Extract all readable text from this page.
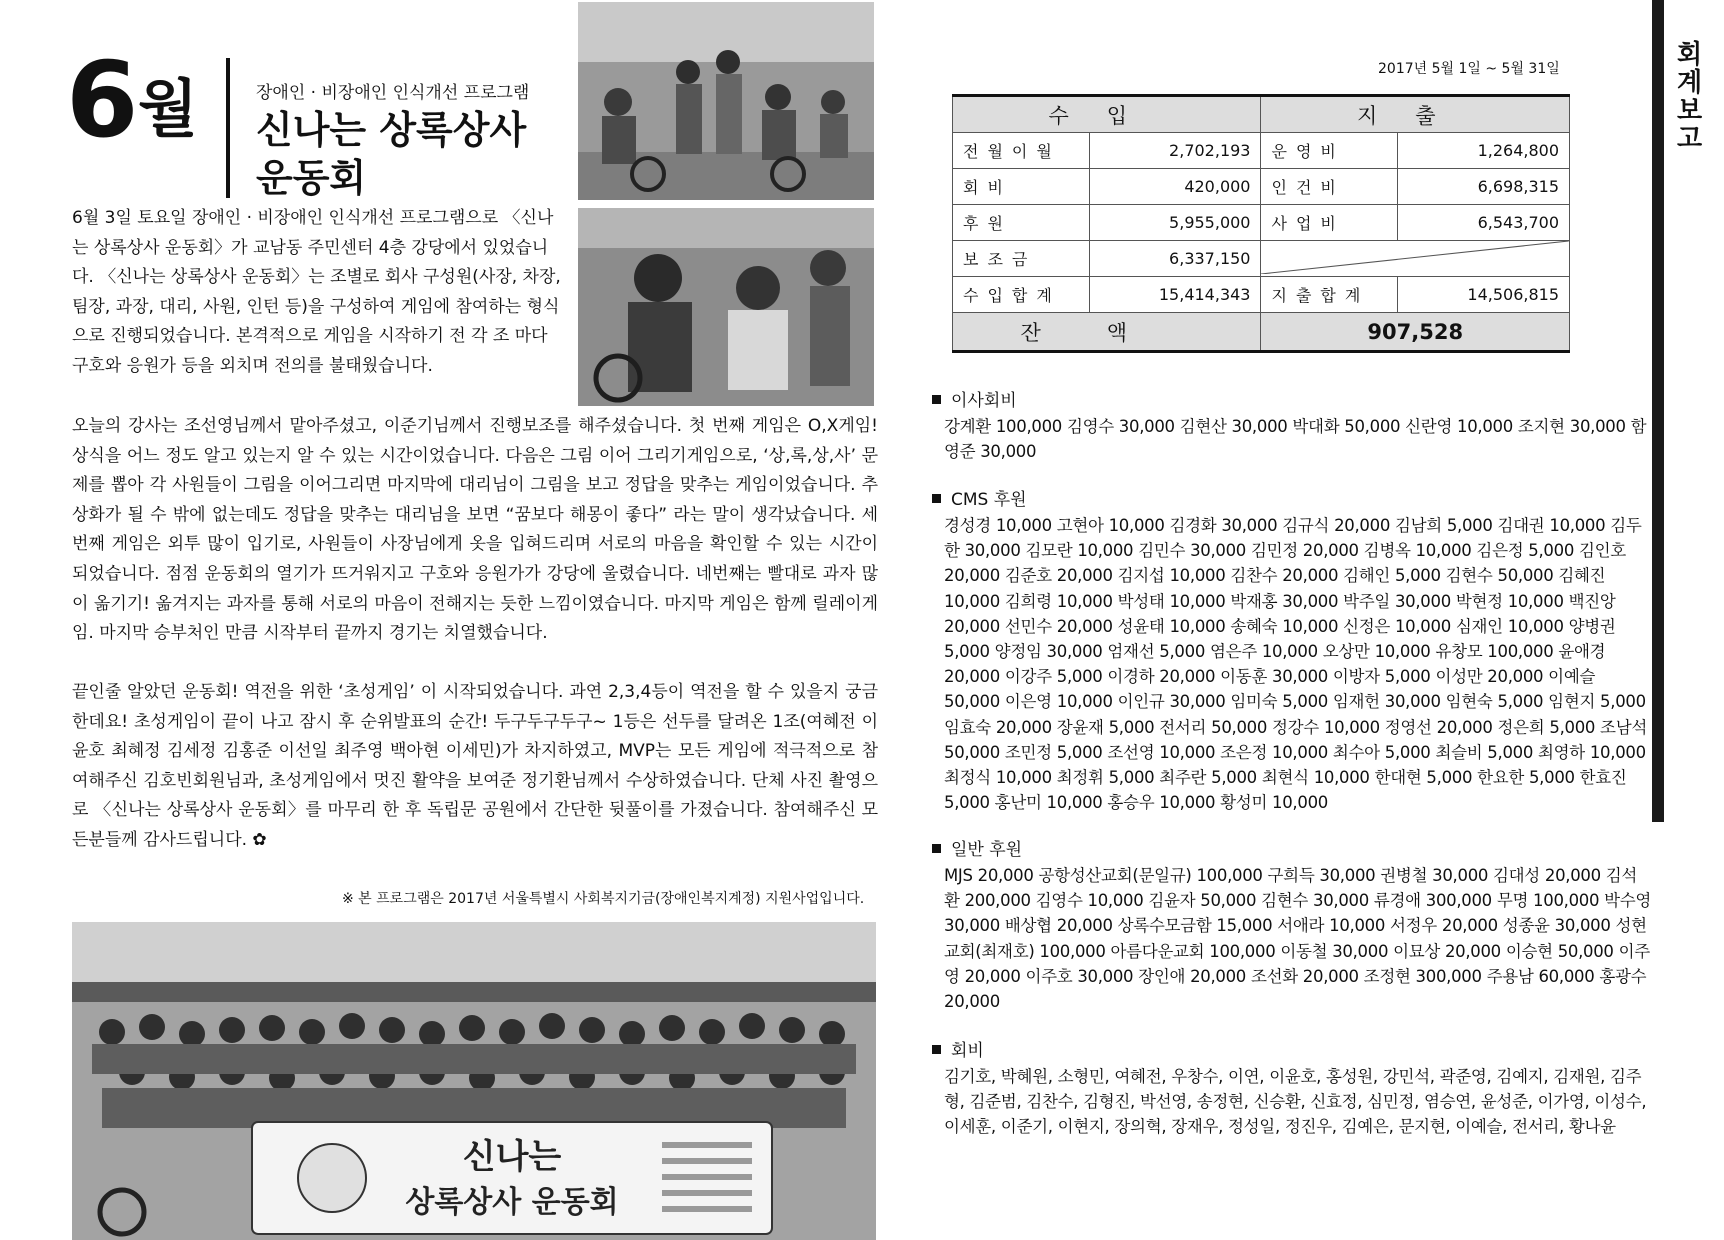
6 월	장애인 · 비장애인 인식개선 프로그램
신나는 상록상사
운동회
신나는
상록상사 운동회
6월 3일 토요일 장애인 · 비장애인 인식개선 프로그램으로 〈신나는 상록상사 운동회〉가 교남동 주민센터 4층 강당에서 있었습니다. 〈신나는 상록상사 운동회〉는 조별로 회사 구성원(사장, 차장, 팀장, 과장, 대리, 사원, 인턴 등)을 구성하여 게임에 참여하는 형식으로 진행되었습니다. 본격적으로 게임을 시작하기 전 각 조 마다 구호와 응원가 등을 외치며 전의를 불태웠습니다.
오늘의 강사는 조선영님께서 맡아주셨고, 이준기님께서 진행보조를 해주셨습니다. 첫 번째 게임은 O,X게임! 상식을 어느 정도 알고 있는지 알 수 있는 시간이었습니다. 다음은 그림 이어 그리기게임으로, ‘상,록,상,사’ 문제를 뽑아 각 사원들이 그림을 이어그리면 마지막에 대리님이 그림을 보고 정답을 맞추는 게임이었습니다. 추상화가 될 수 밖에 없는데도 정답을 맞추는 대리님을 보면 “꿈보다 해몽이 좋다” 라는 말이 생각났습니다. 세번째 게임은 외투 많이 입기로, 사원들이 사장님에게 옷을 입혀드리며 서로의 마음을 확인할 수 있는 시간이 되었습니다. 점점 운동회의 열기가 뜨거워지고 구호와 응원가가 강당에 울렸습니다. 네번째는 빨대로 과자 많이 옮기기! 옮겨지는 과자를 통해 서로의 마음이 전해지는 듯한 느낌이였습니다. 마지막 게임은 함께 릴레이게임. 마지막 승부처인 만큼 시작부터 끝까지 경기는 치열했습니다.
끝인줄 알았던 운동회! 역전을 위한 ‘초성게임’ 이 시작되었습니다. 과연 2,3,4등이 역전을 할 수 있을지 궁금한데요! 초성게임이 끝이 나고 잠시 후 순위발표의 순간! 두구두구두구~ 1등은 선두를 달려온 1조(여혜전 이윤호 최혜정 김세정 김홍준 이선일 최주영 백아현 이세민)가 차지하였고, MVP는 모든 게임에 적극적으로 참여해주신 김호빈회원님과, 초성게임에서 멋진 활약을 보여준 정기환님께서 수상하였습니다. 단체 사진 촬영으로 〈신나는 상록상사 운동회〉를 마무리 한 후 독립문 공원에서 간단한 뒷풀이를 가졌습니다. 참여해주신 모든분들께 감사드립니다. ✿
※ 본 프로그램은 2017년 서울특별시 사회복지기금(장애인복지계정) 지원사업입니다.
2017년 5월 1일 ~ 5월 31일
수입		지출	
전월이월	2,702,193	운영비	1,264,800
회비	420,000	인건비	6,698,315
후원	5,955,000	사업비	6,543,700
보조금	6,337,150	

수입합계	15,414,343	지출합계	14,506,815
잔액		907,528	
이사회비
강계환 100,000 김영수 30,000 김현산 30,000 박대화 50,000 신란영 10,000 조지현 30,000 함영준 30,000
CMS 후원
경성경 10,000 고현아 10,000 김경화 30,000 김규식 20,000 김남희 5,000 김대권 10,000 김두한 30,000 김모란 10,000 김민수 30,000 김민정 20,000 김병옥 10,000 김은정 5,000 김인호 20,000 김준호 20,000 김지섭 10,000 김찬수 20,000 김해인 5,000 김현수 50,000 김혜진 10,000 김희령 10,000 박성태 10,000 박재홍 30,000 박주일 30,000 박현정 10,000 백진앙 20,000 선민수 20,000 성윤태 10,000 송혜숙 10,000 신정은 10,000 심재인 10,000 양병권 5,000 양정임 30,000 엄재선 5,000 염은주 10,000 오상만 10,000 유창모 100,000 윤애경 20,000 이강주 5,000 이경하 20,000 이동훈 30,000 이방자 5,000 이성만 20,000 이예슬 50,000 이은영 10,000 이인규 30,000 임미숙 5,000 임재헌 30,000 임현숙 5,000 임현지 5,000 임효숙 20,000 장윤재 5,000 전서리 50,000 정강수 10,000 정영선 20,000 정은희 5,000 조남석 50,000 조민정 5,000 조선영 10,000 조은정 10,000 최수아 5,000 최슬비 5,000 최영하 10,000 최정식 10,000 최정휘 5,000 최주란 5,000 최현식 10,000 한대현 5,000 한요한 5,000 한효진 5,000 홍난미 10,000 홍승우 10,000 황성미 10,000
일반 후원
MJS 20,000 공항성산교회(문일규) 100,000 구희득 30,000 권병철 30,000 김대성 20,000 김석환 200,000 김영수 10,000 김윤자 50,000 김현수 30,000 류경애 300,000 무명 100,000 박수영 30,000 배상협 20,000 상록수모금함 15,000 서애라 10,000 서정우 20,000 성종윤 30,000 성현교회(최재호) 100,000 아름다운교회 100,000 이동철 30,000 이묘상 20,000 이승현 50,000 이주영 20,000 이주호 30,000 장인애 20,000 조선화 20,000 조정현 300,000 주용남 60,000 홍광수 20,000
회비
김기호, 박혜원, 소형민, 여혜전, 우창수, 이연, 이윤호, 홍성원, 강민석, 곽준영, 김예지, 김재원, 김주형, 김준범, 김찬수, 김형진, 박선영, 송정현, 신승환, 신효정, 심민정, 염승연, 윤성준, 이가영, 이성수, 이세훈, 이준기, 이현지, 장의혁, 장재우, 정성일, 정진우, 김예은, 문지현, 이예슬, 전서리, 황나윤
회계보고
